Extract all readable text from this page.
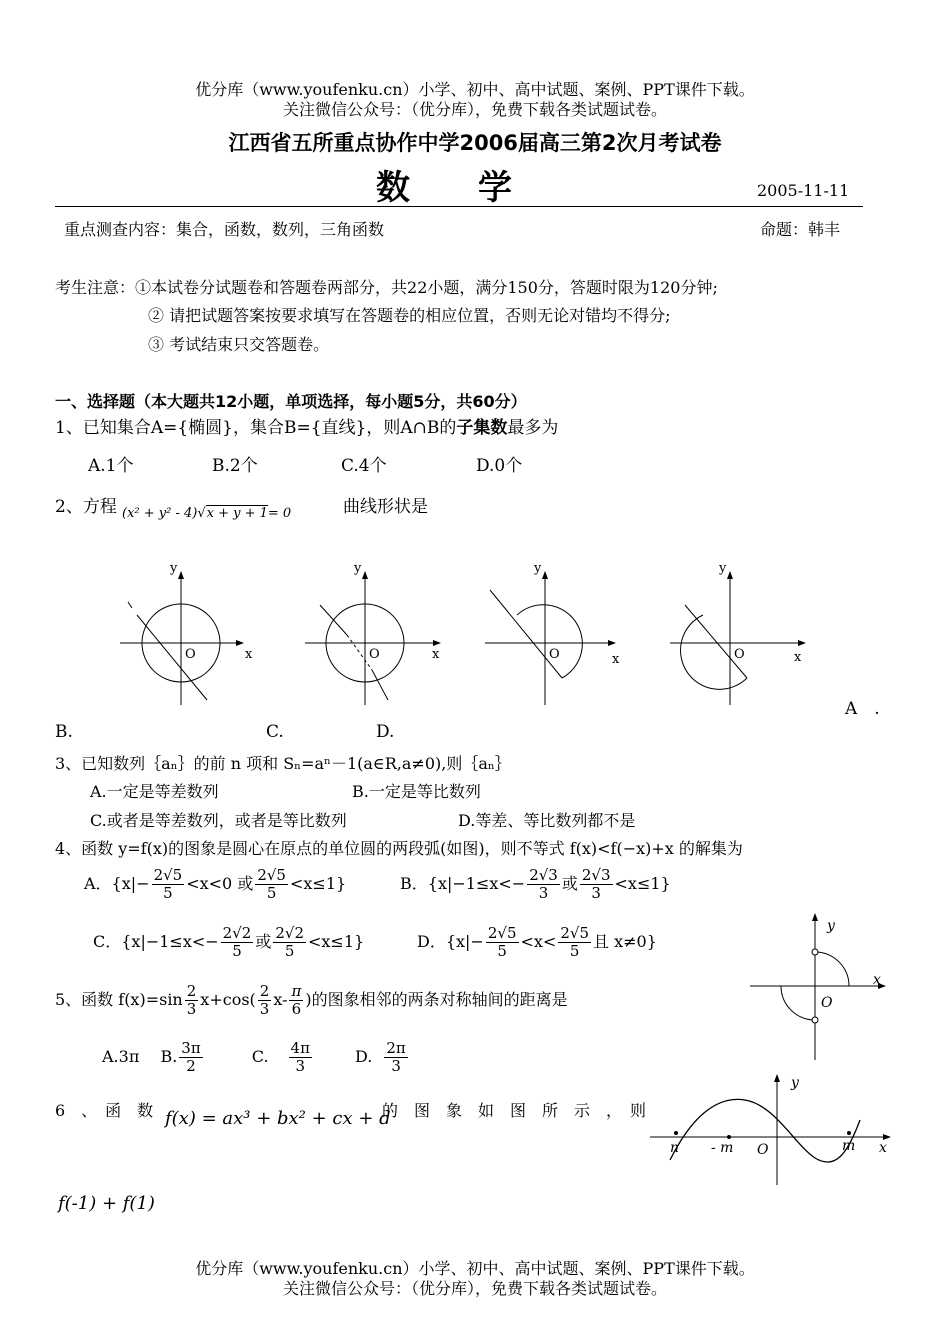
优分库（www.youfenku.cn）小学、初中、高中试题、案例、PPT课件下载。
关注微信公众号：（优分库），免费下载各类试题试卷。
江西省五所重点协作中学2006届高三第2次月考试卷
数　　学	2005-11-11
重点测查内容：集合，函数，数列，三角函数	命题：韩丰
考生注意：①本试卷分试题卷和答题卷两部分，共22小题，满分150分，答题时限为120分钟;
② 请把试题答案按要求填写在答题卷的相应位置，否则无论对错均不得分;
③ 考试结束只交答题卷。
一、选择题（本大题共12小题，单项选择，每小题5分，共60分）
1、已知集合A={椭圆}，集合B={直线}，则A∩B的子集数最多为
A.1个	B.2个	C.4个	D.0个
2、方程 (x² + y² - 4)√x + y + 1= 0	曲线形状是
y
x
O
y
x
O
y
x
O
y
x
O
A　.
B.	C.	D.
3、已知数列｛aₙ｝的前 n 项和 Sₙ=aⁿ－1(a∈R,a≠0),则｛aₙ｝
A.一定是等差数列	B.一定是等比数列
C.或者是等差数列，或者是等比数列	D.等差、等比数列都不是
4、函数 y=f(x)的图象是圆心在原点的单位圆的两段弧(如图)，则不等式 f(x)<f(−x)+x 的解集为
A．{$x|- \frac{2√5}{5} <x<0$ 或 $\frac{2√5}{5} <x\le 1$}	B．{$x|-1\le x<- \frac{2√3}{3}$ 或 $\frac{2√3}{3} <x\le 1$}
C．{$x|-1\le x<- \frac{2√2}{5}$ 或 $\frac{2√2}{5} <x\le 1$}	D．{$x|- \frac{2√5}{5} <x< \frac{2√5}{5}$ 且 x≠0}
y
x
O
5、函数 $f(x)=\sin \frac{2}{3} x+\cos( \frac{2}{3} x- \frac{\pi}{6}$ )的图象相邻的两条对称轴间的距离是
A.3π B. $\frac{3\pi}{2}$	C. $\frac{4\pi}{3}$	D. $\frac{2\pi}{3}$
6　、　函　数 f(x) = ax³ + bx² + cx + d
的　图　象　如　图　所　示　，　则
f(-1) + f(1)
y
x
O
n - m	m
优分库（www.youfenku.cn）小学、初中、高中试题、案例、PPT课件下载。
关注微信公众号：（优分库），免费下载各类试题试卷。
